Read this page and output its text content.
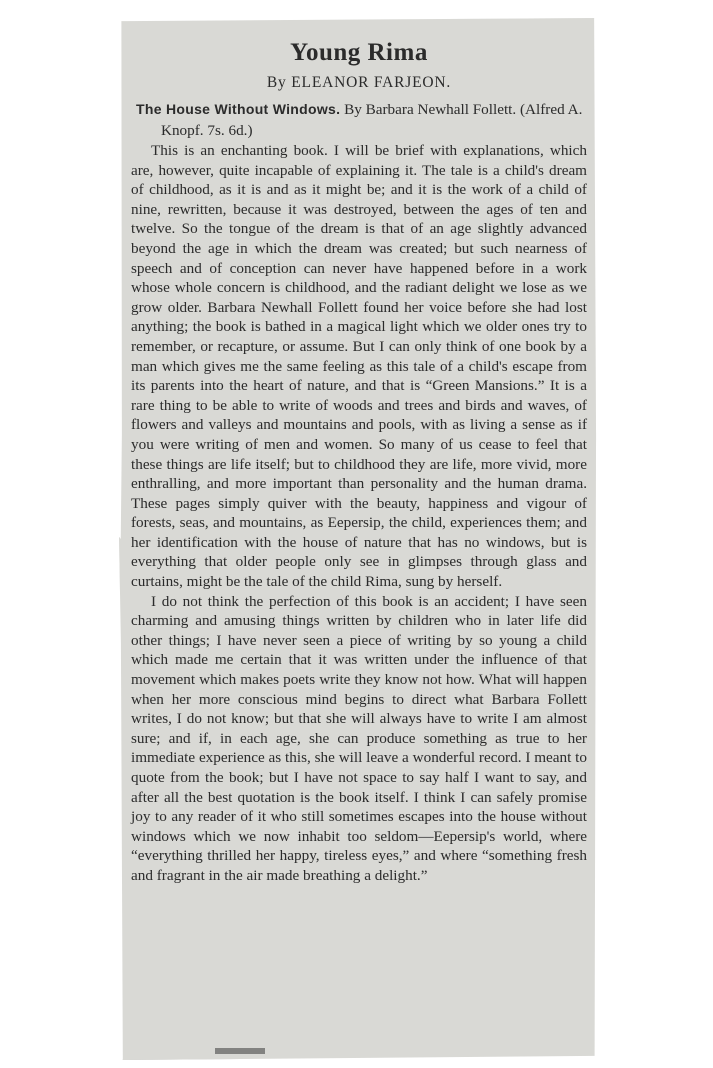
Young Rima
By ELEANOR FARJEON.
The House Without Windows. By Barbara Newhall Follett. (Alfred A. Knopf. 7s. 6d.)

This is an enchanting book. I will be brief with explanations, which are, however, quite incapable of explaining it. The tale is a child's dream of childhood, as it is and as it might be; and it is the work of a child of nine, rewritten, because it was destroyed, between the ages of ten and twelve. So the tongue of the dream is that of an age slightly advanced beyond the age in which the dream was created; but such nearness of speech and of conception can never have happened before in a work whose whole concern is childhood, and the radiant delight we lose as we grow older. Barbara Newhall Follett found her voice before she had lost anything; the book is bathed in a magical light which we older ones try to remember, or recapture, or assume. But I can only think of one book by a man which gives me the same feeling as this tale of a child's escape from its parents into the heart of nature, and that is “Green Mansions.” It is a rare thing to be able to write of woods and trees and birds and waves, of flowers and valleys and mountains and pools, with as living a sense as if you were writing of men and women. So many of us cease to feel that these things are life itself; but to childhood they are life, more vivid, more enthralling, and more important than personality and the human drama. These pages simply quiver with the beauty, happiness and vigour of forests, seas, and mountains, as Eepersip, the child, experiences them; and her identification with the house of nature that has no windows, but is everything that older people only see in glimpses through glass and curtains, might be the tale of the child Rima, sung by herself.

I do not think the perfection of this book is an accident; I have seen charming and amusing things written by children who in later life did other things; I have never seen a piece of writing by so young a child which made me certain that it was written under the influence of that movement which makes poets write they know not how. What will happen when her more conscious mind begins to direct what Barbara Follett writes, I do not know; but that she will always have to write I am almost sure; and if, in each age, she can produce something as true to her immediate experience as this, she will leave a wonderful record. I meant to quote from the book; but I have not space to say half I want to say, and after all the best quotation is the book itself. I think I can safely promise joy to any reader of it who still sometimes escapes into the house without windows which we now inhabit too seldom—Eepersip's world, where “everything thrilled her happy, tireless eyes,” and where “something fresh and fragrant in the air made breathing a delight.”
